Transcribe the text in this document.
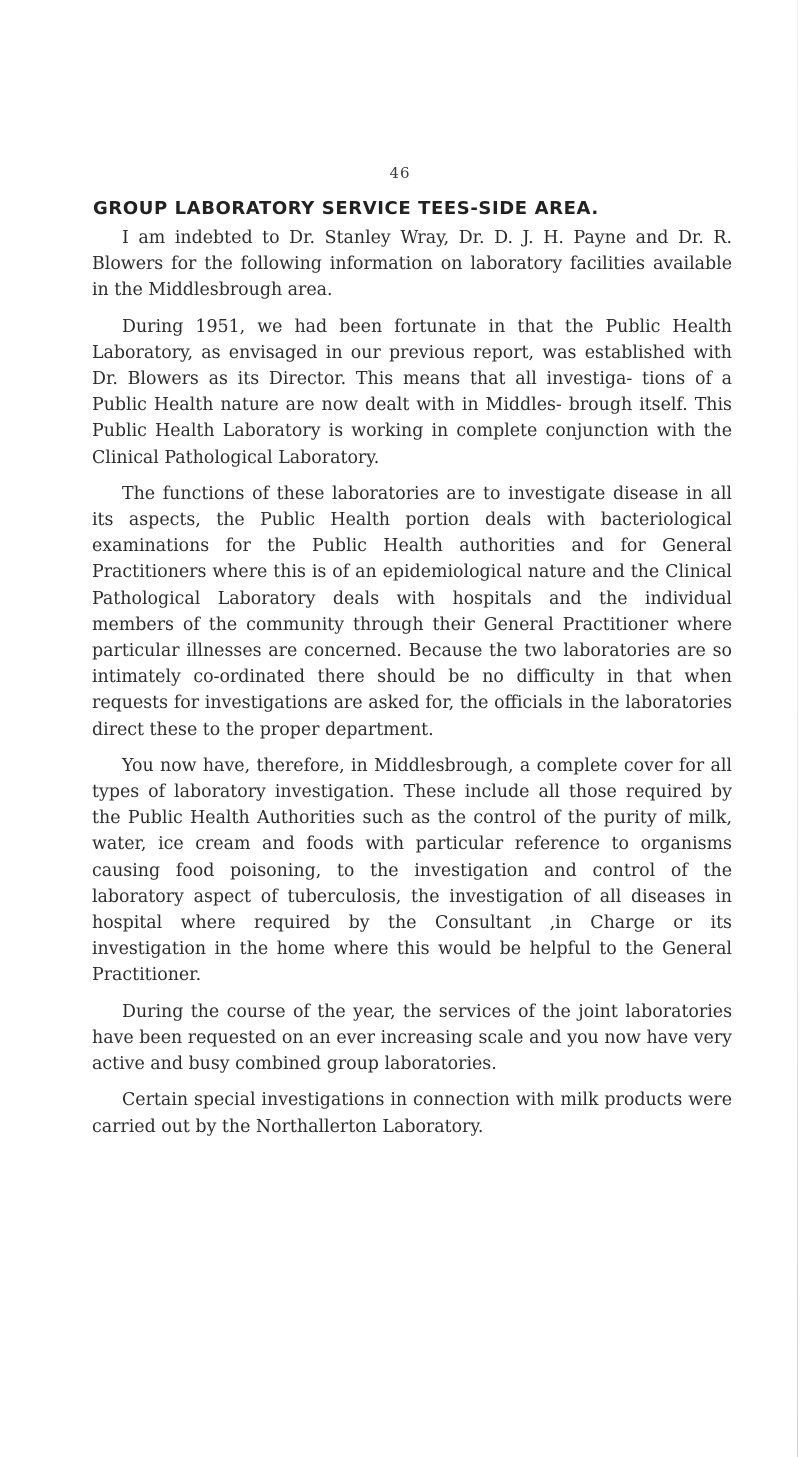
46
GROUP LABORATORY SERVICE TEES-SIDE AREA.

I am indebted to Dr. Stanley Wray, Dr. D. J. H. Payne and Dr. R. Blowers for the following information on laboratory facilities available in the Middlesbrough area.

During 1951, we had been fortunate in that the Public Health Laboratory, as envisaged in our previous report, was established with Dr. Blowers as its Director. This means that all investiga- tions of a Public Health nature are now dealt with in Middles- brough itself. This Public Health Laboratory is working in complete conjunction with the Clinical Pathological Laboratory.

The functions of these laboratories are to investigate disease in all its aspects, the Public Health portion deals with bacteriological examinations for the Public Health authorities and for General Practitioners where this is of an epidemiological nature and the Clinical Pathological Laboratory deals with hospitals and the individual members of the community through their General Practitioner where particular illnesses are concerned. Because the two laboratories are so intimately co-ordinated there should be no difficulty in that when requests for investigations are asked for, the officials in the laboratories direct these to the proper department.

You now have, therefore, in Middlesbrough, a complete cover for all types of laboratory investigation. These include all those required by the Public Health Authorities such as the control of the purity of milk, water, ice cream and foods with particular reference to organisms causing food poisoning, to the investigation and control of the laboratory aspect of tuberculosis, the investigation of all diseases in hospital where required by the Consultant ,in Charge or its investigation in the home where this would be helpful to the General Practitioner.

During the course of the year, the services of the joint laboratories have been requested on an ever increasing scale and you now have very active and busy combined group laboratories.

Certain special investigations in connection with milk products were carried out by the Northallerton Laboratory.
